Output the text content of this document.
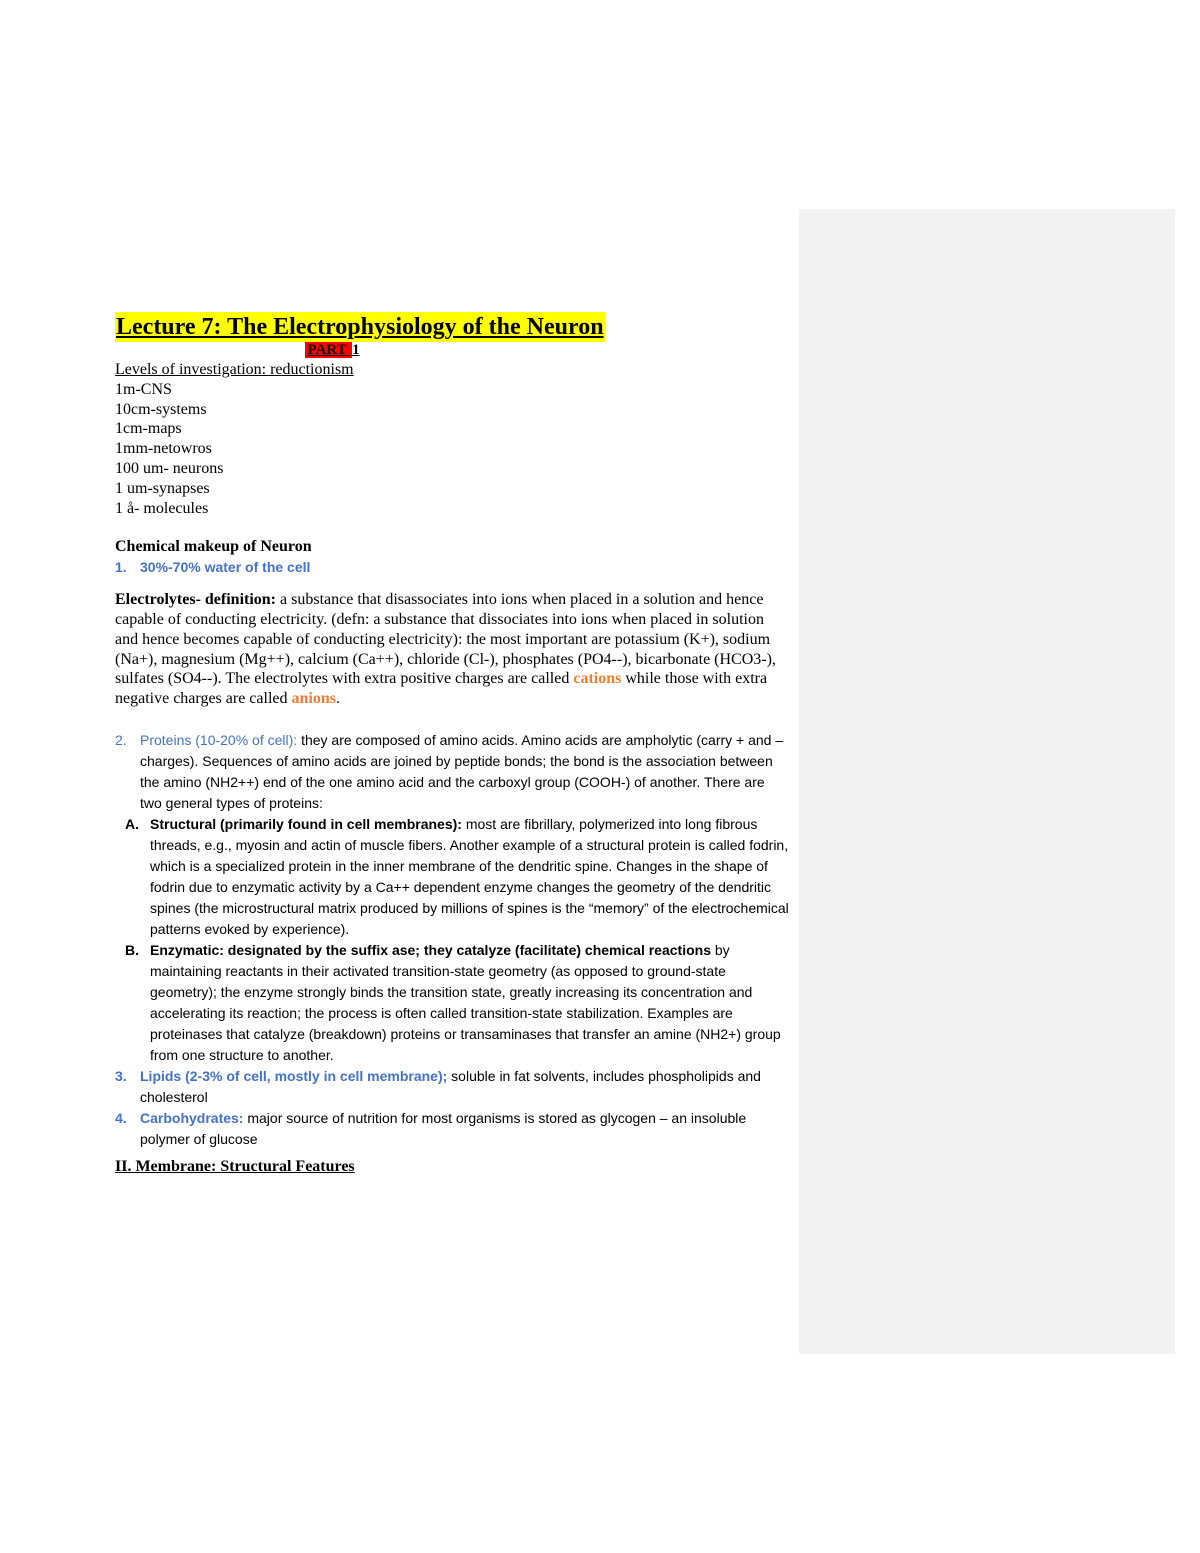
Lecture 7: The Electrophysiology of the Neuron
PART 1
Levels of investigation: reductionism
1m-CNS
10cm-systems
1cm-maps
1mm-netowros
100 um- neurons
1 um-synapses
1 å- molecules
Chemical makeup of Neuron
1. 30%-70% water of the cell
Electrolytes- definition: a substance that disassociates into ions when placed in a solution and hence capable of conducting electricity. (defn: a substance that dissociates into ions when placed in solution and hence becomes capable of conducting electricity): the most important are potassium (K+), sodium (Na+), magnesium (Mg++), calcium (Ca++), chloride (Cl-), phosphates (PO4--), bicarbonate (HCO3-), sulfates (SO4--). The electrolytes with extra positive charges are called cations while those with extra negative charges are called anions.
2. Proteins (10-20% of cell): they are composed of amino acids. Amino acids are ampholytic (carry + and – charges). Sequences of amino acids are joined by peptide bonds; the bond is the association between the amino (NH2++) end of the one amino acid and the carboxyl group (COOH-) of another. There are two general types of proteins:
A. Structural (primarily found in cell membranes): most are fibrillary, polymerized into long fibrous threads, e.g., myosin and actin of muscle fibers. Another example of a structural protein is called fodrin, which is a specialized protein in the inner membrane of the dendritic spine. Changes in the shape of fodrin due to enzymatic activity by a Ca++ dependent enzyme changes the geometry of the dendritic spines (the microstructural matrix produced by millions of spines is the “memory” of the electrochemical patterns evoked by experience).
B. Enzymatic: designated by the suffix ase; they catalyze (facilitate) chemical reactions by maintaining reactants in their activated transition-state geometry (as opposed to ground-state geometry); the enzyme strongly binds the transition state, greatly increasing its concentration and accelerating its reaction; the process is often called transition-state stabilization. Examples are proteinases that catalyze (breakdown) proteins or transaminases that transfer an amine (NH2+) group from one structure to another.
3. Lipids (2-3% of cell, mostly in cell membrane); soluble in fat solvents, includes phospholipids and cholesterol
4. Carbohydrates: major source of nutrition for most organisms is stored as glycogen – an insoluble polymer of glucose
II. Membrane: Structural Features
